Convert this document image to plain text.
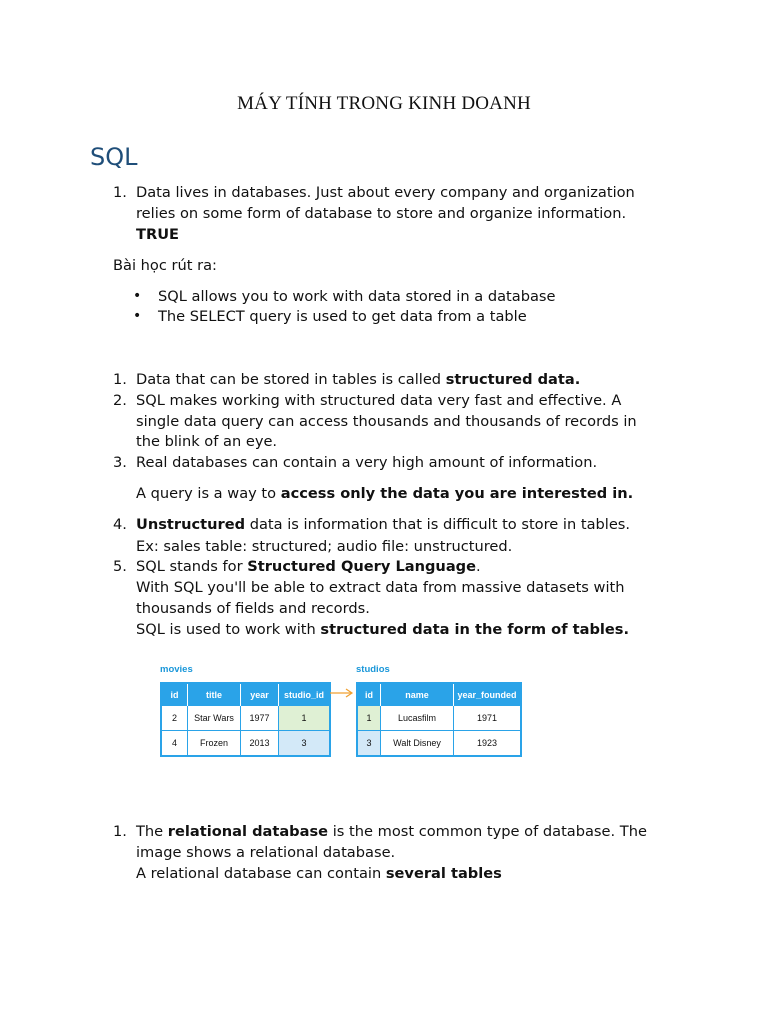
MÁY TÍNH TRONG KINH DOANH
SQL
1. Data lives in databases. Just about every company and organization
relies on some form of database to store and organize information.
TRUE
Bài học rút ra:
• SQL allows you to work with data stored in a database
• The SELECT query is used to get data from a table
1. Data that can be stored in tables is called structured data.
2. SQL makes working with structured data very fast and effective. A
single data query can access thousands and thousands of records in
the blink of an eye.
3. Real databases can contain a very high amount of information.
A query is a way to access only the data you are interested in.
4. Unstructured data is information that is difficult to store in tables.
Ex: sales table: structured; audio file: unstructured.
5. SQL stands for Structured Query Language.
With SQL you'll be able to extract data from massive datasets with
thousands of fields and records.
SQL is used to work with structured data in the form of tables.
movies
id	title	year	studio_id
2	Star Wars	1977	1
4	Frozen	2013	3
studios
id	name	year_founded
1	Lucasfilm	1971
3	Walt Disney	1923
1. The relational database is the most common type of database. The
image shows a relational database.
A relational database can contain several tables
